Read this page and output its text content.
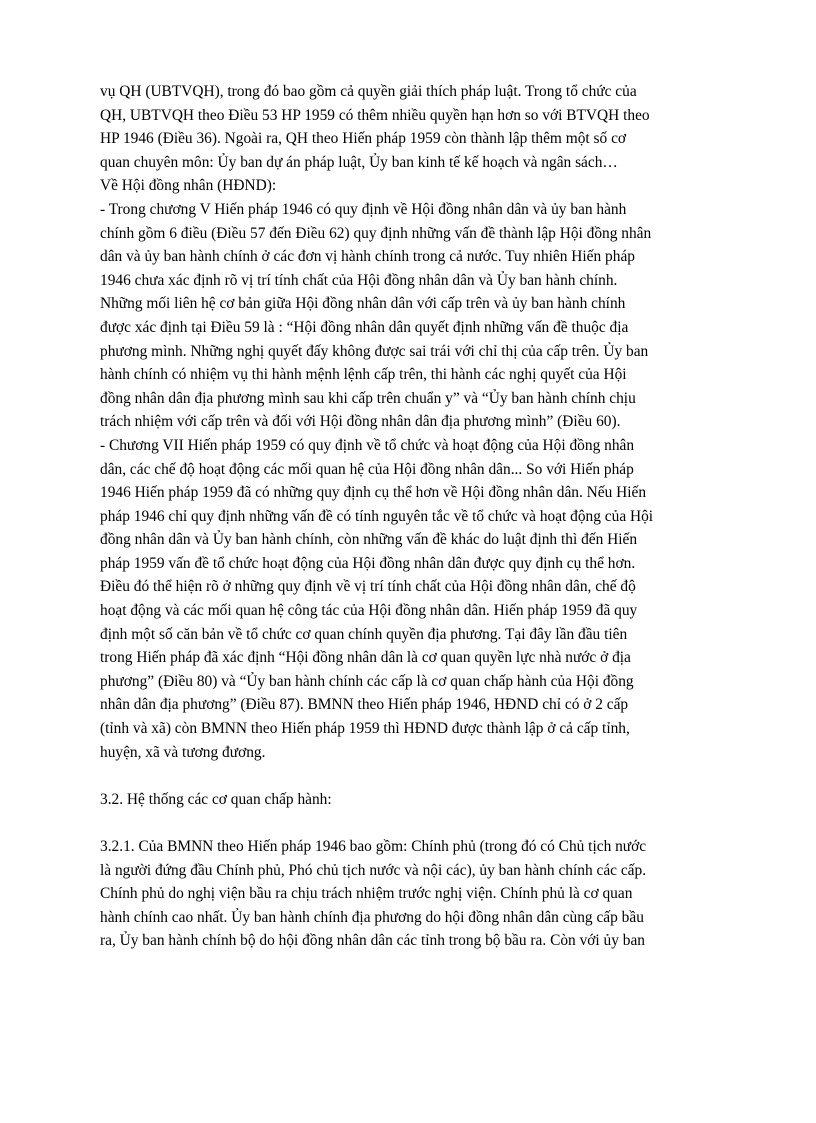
vụ QH (UBTVQH), trong đó bao gồm cả quyền giải thích pháp luật. Trong tổ chức của
QH, UBTVQH theo Điều 53 HP 1959 có thêm nhiều quyền hạn hơn so với BTVQH theo
HP 1946 (Điều 36). Ngoài ra, QH theo Hiến pháp 1959 còn thành lập thêm một số cơ
quan chuyên môn: Ủy ban dự án pháp luật, Ủy ban kinh tế kế hoạch và ngân sách…
Về Hội đồng nhân (HĐND):
- Trong chương V Hiến pháp 1946 có quy định về Hội đồng nhân dân và ủy ban hành
chính gồm 6 điều (Điều 57 đến Điều 62) quy định những vấn đề thành lập Hội đồng nhân
dân và ủy ban hành chính ở các đơn vị hành chính trong cả nước. Tuy nhiên Hiến pháp
1946 chưa xác định rõ vị trí tính chất của Hội đồng nhân dân và Ủy ban hành chính.
Những mối liên hệ cơ bản giữa Hội đồng nhân dân với cấp trên và ủy ban hành chính
được xác định tại Điều 59 là : “Hội đồng nhân dân quyết định những vấn đề thuộc địa
phương mình. Những nghị quyết đấy không được sai trái với chỉ thị của cấp trên. Ủy ban
hành chính có nhiệm vụ thi hành mệnh lệnh cấp trên, thi hành các nghị quyết của Hội
đồng nhân dân địa phương mình sau khi cấp trên chuẩn y” và “Ủy ban hành chính chịu
trách nhiệm với cấp trên và đối với Hội đồng nhân dân địa phương mình” (Điều 60).
- Chương VII Hiến pháp 1959 có quy định về tổ chức và hoạt động của Hội đồng nhân
dân, các chế độ hoạt động các mối quan hệ của Hội đồng nhân dân... So với Hiến pháp
1946 Hiến pháp 1959 đã có những quy định cụ thể hơn về Hội đồng nhân dân. Nếu Hiến
pháp 1946 chỉ quy định những vấn đề có tính nguyên tắc về tổ chức và hoạt động của Hội
đồng nhân dân và Ủy ban hành chính, còn những vấn đề khác do luật định thì đến Hiến
pháp 1959 vấn đề tổ chức hoạt động của Hội đồng nhân dân được quy định cụ thể hơn.
Điều đó thể hiện rõ ở những quy định về vị trí tính chất của Hội đồng nhân dân, chế độ
hoạt động và các mối quan hệ công tác của Hội đồng nhân dân. Hiến pháp 1959 đã quy
định một số căn bản về tổ chức cơ quan chính quyền địa phương. Tại đây lần đầu tiên
trong Hiến pháp đã xác định “Hội đồng nhân dân là cơ quan quyền lực nhà nước ở địa
phương” (Điều 80) và “Ủy ban hành chính các cấp là cơ quan chấp hành của Hội đồng
nhân dân địa phương” (Điều 87). BMNN theo Hiến pháp 1946, HĐND chỉ có ở 2 cấp
(tỉnh và xã) còn BMNN theo Hiến pháp 1959 thì HĐND được thành lập ở cả cấp tỉnh,
huyện, xã và tương đương.
3.2. Hệ thống các cơ quan chấp hành:
3.2.1. Của BMNN theo Hiến pháp 1946 bao gồm: Chính phủ (trong đó có Chủ tịch nước
là người đứng đầu Chính phủ, Phó chủ tịch nước và nội các), ủy ban hành chính các cấp.
Chính phủ do nghị viện bầu ra chịu trách nhiệm trước nghị viện. Chính phủ là cơ quan
hành chính cao nhất. Ủy ban hành chính địa phương do hội đồng nhân dân cùng cấp bầu
ra, Ủy ban hành chính bộ do hội đồng nhân dân các tỉnh trong bộ bầu ra. Còn với ủy ban
